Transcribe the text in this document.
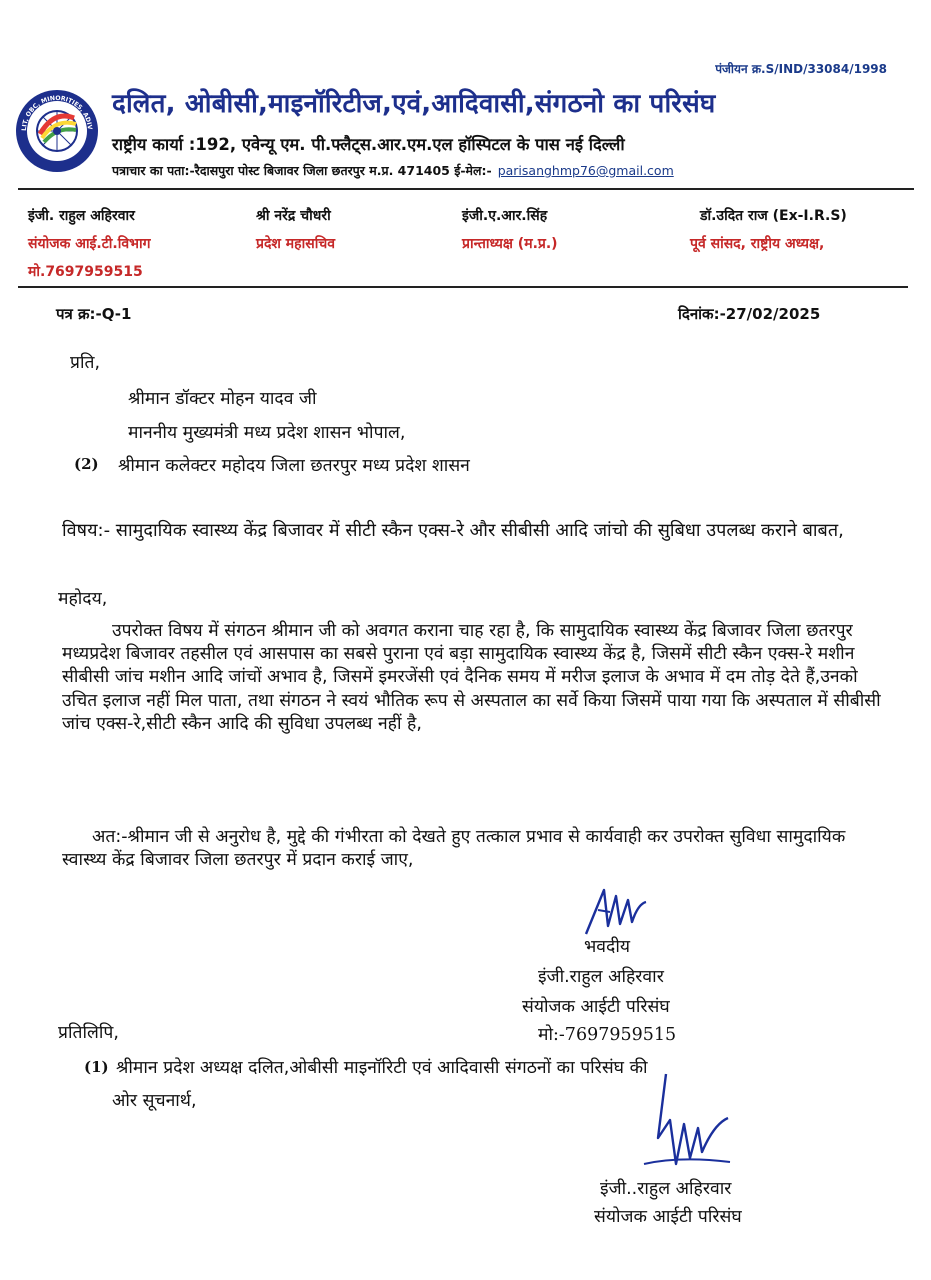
पंजीयन क्र.S/IND/33084/1998
LIT, OBC, MINORITIES, ADIV
PARISANGH
दलित, ओबीसी,माइनॉरिटीज,एवं,आदिवासी,संगठनो का परिसंघ
राष्ट्रीय कार्या :192, एवेन्यू एम. पी.फ्लैट्स.आर.एम.एल हॉस्पिटल के पास नई दिल्ली
पत्राचार का पता:-रैदासपुरा पोस्ट बिजावर जिला छतरपुर म.प्र. 471405 ई-मेल:- parisanghmp76@gmail.com
इंजी. राहुल अहिरवार
संयोजक आई.टी.विभाग
मो.7697959515
श्री नरेंद्र चौधरी
प्रदेश महासचिव
इंजी.ए.आर.सिंह
प्रान्ताध्यक्ष (म.प्र.)
डॉ.उदित राज (Ex-I.R.S)
पूर्व सांसद, राष्ट्रीय अध्यक्ष,
पत्र क्र:-Q-1	दिनांक:-27/02/2025
प्रति,
श्रीमान डॉक्टर मोहन यादव जी
माननीय मुख्यमंत्री मध्य प्रदेश शासन भोपाल,
(2) श्रीमान कलेक्टर महोदय जिला छतरपुर मध्य प्रदेश शासन
विषय:- सामुदायिक स्वास्थ्य केंद्र बिजावर में सीटी स्कैन एक्स-रे और सीबीसी आदि जांचो की सुबिधा उपलब्ध कराने बाबत,
महोदय,
उपरोक्त विषय में संगठन श्रीमान जी को अवगत कराना चाह रहा है, कि सामुदायिक स्वास्थ्य केंद्र बिजावर जिला छतरपुर मध्यप्रदेश बिजावर तहसील एवं आसपास का सबसे पुराना एवं बड़ा सामुदायिक स्वास्थ्य केंद्र है, जिसमें सीटी स्कैन एक्स-रे मशीन सीबीसी जांच मशीन आदि जांचों अभाव है, जिसमें इमरजेंसी एवं दैनिक समय में मरीज इलाज के अभाव में दम तोड़ देते हैं,उनको उचित इलाज नहीं मिल पाता, तथा संगठन ने स्वयं भौतिक रूप से अस्पताल का सर्वे किया जिसमें पाया गया कि अस्पताल में सीबीसी जांच एक्स-रे,सीटी स्कैन आदि की सुविधा उपलब्ध नहीं है,
अत:-श्रीमान जी से अनुरोध है, मुद्दे की गंभीरता को देखते हुए तत्काल प्रभाव से कार्यवाही कर उपरोक्त सुविधा सामुदायिक स्वास्थ्य केंद्र बिजावर जिला छतरपुर में प्रदान कराई जाए,
भवदीय
इंजी.राहुल अहिरवार
संयोजक आईटी परिसंघ
मो:-7697959515
प्रतिलिपि,
(1) श्रीमान प्रदेश अध्यक्ष दलित,ओबीसी माइनॉरिटी एवं आदिवासी संगठनों का परिसंघ की
ओर सूचनार्थ,
इंजी..राहुल अहिरवार
संयोजक आईटी परिसंघ
